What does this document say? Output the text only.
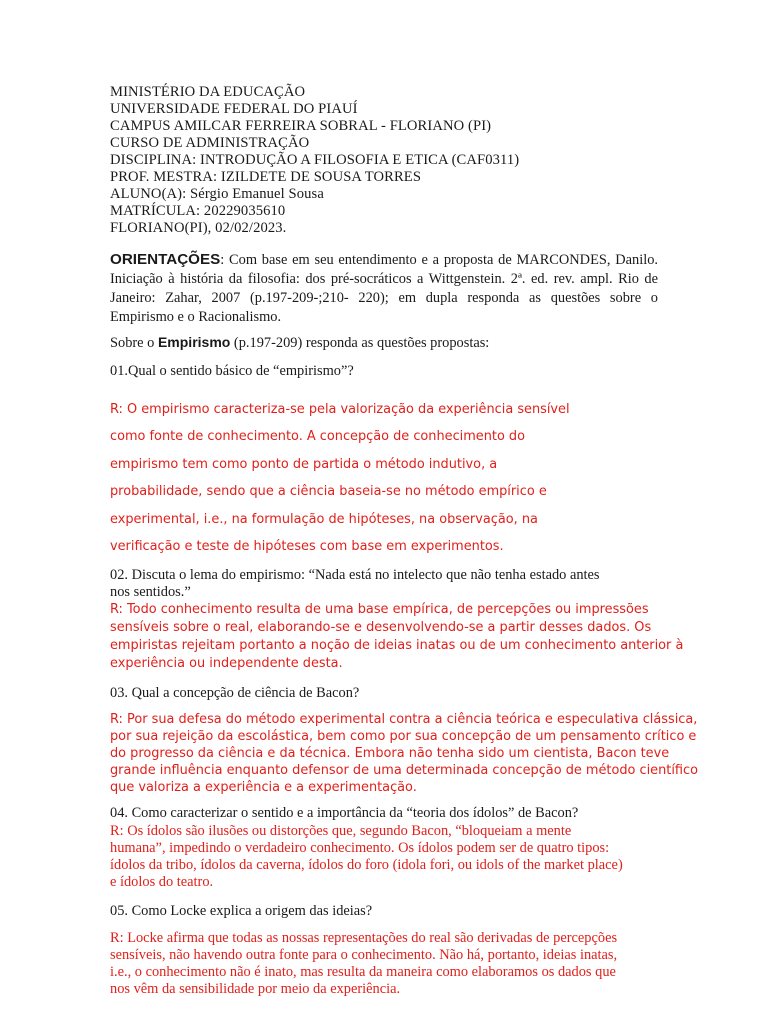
MINISTÉRIO DA EDUCAÇÃO
UNIVERSIDADE FEDERAL DO PIAUÍ
CAMPUS AMILCAR FERREIRA SOBRAL - FLORIANO (PI)
CURSO DE ADMINISTRAÇÃO
DISCIPLINA: INTRODUÇÃO A FILOSOFIA E ETICA (CAF0311)
PROF. MESTRA: IZILDETE DE SOUSA TORRES
ALUNO(A): Sérgio Emanuel Sousa
MATRÍCULA: 20229035610
FLORIANO(PI), 02/02/2023.
ORIENTAÇÕES: Com base em seu entendimento e a proposta de MARCONDES, Danilo. Iniciação à história da filosofia: dos pré-socráticos a Wittgenstein. 2ª. ed. rev. ampl. Rio de Janeiro: Zahar, 2007 (p.197-209-;210- 220); em dupla responda as questões sobre o Empirismo e o Racionalismo.
Sobre o Empirismo (p.197-209) responda as questões propostas:
01.Qual o sentido básico de “empirismo”?
R: O empirismo caracteriza-se pela valorização da experiência sensível
como fonte de conhecimento. A concepção de conhecimento do
empirismo tem como ponto de partida o método indutivo, a
probabilidade, sendo que a ciência baseia-se no método empírico e
experimental, i.e., na formulação de hipóteses, na observação, na
verificação e teste de hipóteses com base em experimentos.
02. Discuta o lema do empirismo: “Nada está no intelecto que não tenha estado antes
nos sentidos.”
R: Todo conhecimento resulta de uma base empírica, de percepções ou impressões
sensíveis sobre o real, elaborando-se e desenvolvendo-se a partir desses dados. Os
empiristas rejeitam portanto a noção de ideias inatas ou de um conhecimento anterior à
experiência ou independente desta.
03. Qual a concepção de ciência de Bacon?
R: Por sua defesa do método experimental contra a ciência teórica e especulativa clássica,
por sua rejeição da escolástica, bem como por sua concepção de um pensamento crítico e
do progresso da ciência e da técnica. Embora não tenha sido um cientista, Bacon teve
grande influência enquanto defensor de uma determinada concepção de método científico
que valoriza a experiência e a experimentação.
04. Como caracterizar o sentido e a importância da “teoria dos ídolos” de Bacon?
R: Os ídolos são ilusões ou distorções que, segundo Bacon, “bloqueiam a mente
humana”, impedindo o verdadeiro conhecimento. Os ídolos podem ser de quatro tipos:
ídolos da tribo, ídolos da caverna, ídolos do foro (idola fori, ou idols of the market place)
e ídolos do teatro.
05. Como Locke explica a origem das ideias?
R: Locke afirma que todas as nossas representações do real são derivadas de percepções
sensíveis, não havendo outra fonte para o conhecimento. Não há, portanto, ideias inatas,
i.e., o conhecimento não é inato, mas resulta da maneira como elaboramos os dados que
nos vêm da sensibilidade por meio da experiência.
